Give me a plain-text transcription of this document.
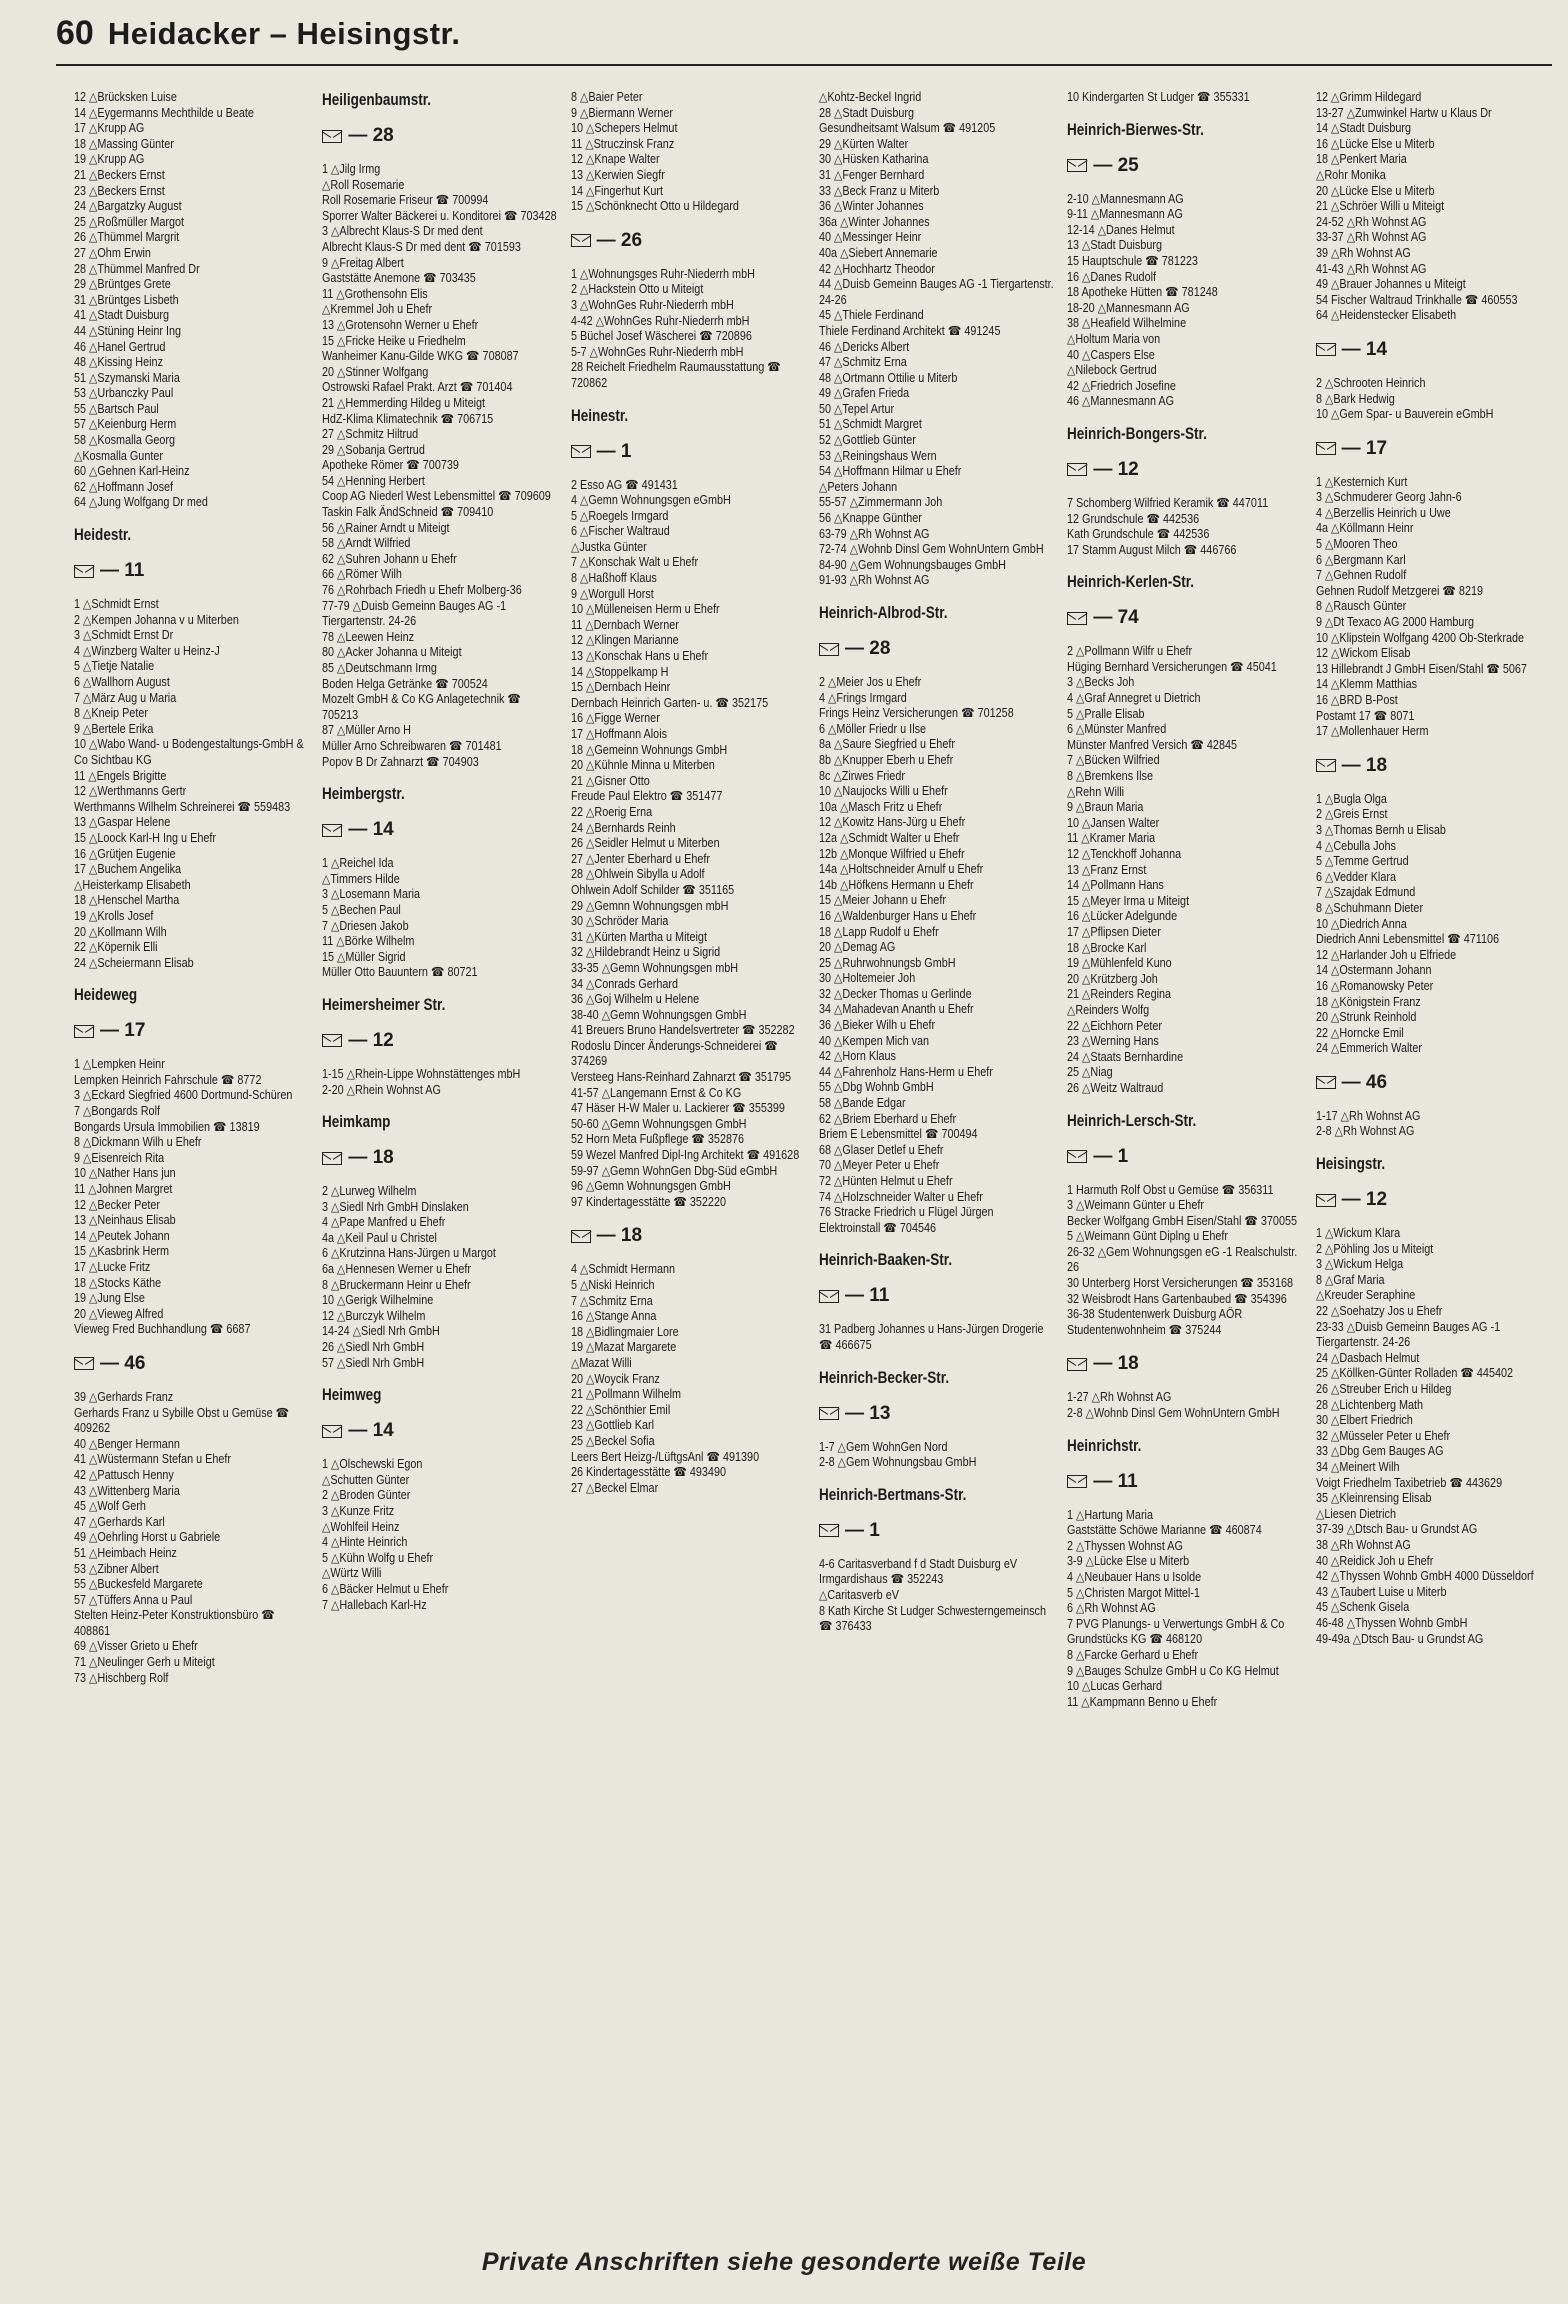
60 Heidacker – Heisingstr.
12 △Brücksken Luise
14 △Eygermanns Mechthilde u Beate
17 △Krupp AG
18 △Massing Günter
19 △Krupp AG
21 △Beckers Ernst
23 △Beckers Ernst
24 △Bargatzky August
25 △Roßmüller Margot
26 △Thümmel Margrit
27 △Ohm Erwin
28 △Thümmel Manfred Dr
29 △Brüntges Grete
31 △Brüntges Lisbeth
41 △Stadt Duisburg
44 △Stüning Heinr Ing
46 △Hanel Gertrud
48 △Kissing Heinz
51 △Szymanski Maria
53 △Urbanczky Paul
55 △Bartsch Paul
57 △Keienburg Herm
58 △Kosmalla Georg
△Kosmalla Gunter
60 △Gehnen Karl-Heinz
62 △Hoffmann Josef
64 △Jung Wolfgang Dr med
Heidestr.
— 11
1 △Schmidt Ernst
2 △Kempen Johanna v u Miterben
3 △Schmidt Ernst Dr
4 △Winzberg Walter u Heinz-J
5 △Tietje Natalie
6 △Wallhorn August
7 △März Aug u Maria
8 △Kneip Peter
9 △Bertele Erika
10 △Wabo Wand- u Bodengestaltungs-GmbH & Co Sichtbau KG
11 △Engels Brigitte
12 △Werthmanns Gertr
Werthmanns Wilhelm Schreinerei ☎ 559483
13 △Gaspar Helene
15 △Loock Karl-H Ing u Ehefr
16 △Grütjen Eugenie
17 △Buchem Angelika
△Heisterkamp Elisabeth
18 △Henschel Martha
19 △Krolls Josef
20 △Kollmann Wilh
22 △Köpernik Elli
24 △Scheiermann Elisab
Heideweg
— 17
1 △Lempken Heinr
Lempken Heinrich Fahrschule ☎ 8772
3 △Eckard Siegfried 4600 Dortmund-Schüren
7 △Bongards Rolf
Bongards Ursula Immobilien ☎ 13819
8 △Dickmann Wilh u Ehefr
9 △Eisenreich Rita
10 △Nather Hans jun
11 △Johnen Margret
12 △Becker Peter
13 △Neinhaus Elisab
14 △Peutek Johann
15 △Kasbrink Herm
17 △Lucke Fritz
18 △Stocks Käthe
19 △Jung Else
20 △Vieweg Alfred
Vieweg Fred Buchhandlung ☎ 6687
— 46
39 △Gerhards Franz
Gerhards Franz u Sybille Obst u Gemüse ☎ 409262
40 △Benger Hermann
41 △Wüstermann Stefan u Ehefr
42 △Pattusch Henny
43 △Wittenberg Maria
45 △Wolf Gerh
47 △Gerhards Karl
49 △Oehrling Horst u Gabriele
51 △Heimbach Heinz
53 △Zibner Albert
55 △Buckesfeld Margarete
57 △Tüffers Anna u Paul
Stelten Heinz-Peter Konstruktionsbüro ☎ 408861
69 △Visser Grieto u Ehefr
71 △Neulinger Gerh u Miteigt
73 △Hischberg Rolf
Heiligenbaumstr.
— 28
1 △Jilg Irmg
△Roll Rosemarie
Roll Rosemarie Friseur ☎ 700994
Sporrer Walter Bäckerei u. Konditorei ☎ 703428
3 △Albrecht Klaus-S Dr med dent
Albrecht Klaus-S Dr med dent ☎ 701593
9 △Freitag Albert
Gaststätte Anemone ☎ 703435
11 △Grothensohn Elis
△Kremmel Joh u Ehefr
13 △Grotensohn Werner u Ehefr
15 △Fricke Heike u Friedhelm
Wanheimer Kanu-Gilde WKG ☎ 708087
20 △Stinner Wolfgang
Ostrowski Rafael Prakt. Arzt ☎ 701404
21 △Hemmerding Hildeg u Miteigt
HdZ-Klima Klimatechnik ☎ 706715
27 △Schmitz Hiltrud
29 △Sobanja Gertrud
Apotheke Römer ☎ 700739
54 △Henning Herbert
Coop AG Niederl West Lebensmittel ☎ 709609
Taskin Falk ÄndSchneid ☎ 709410
56 △Rainer Arndt u Miteigt
58 △Arndt Wilfried
62 △Suhren Johann u Ehefr
66 △Römer Wilh
76 △Rohrbach Friedh u Ehefr Molberg-36
77-79 △Duisb Gemeinn Bauges AG -1 Tiergartenstr. 24-26
78 △Leewen Heinz
80 △Acker Johanna u Miteigt
85 △Deutschmann Irmg
Boden Helga Getränke ☎ 700524
Mozelt GmbH & Co KG Anlagetechnik ☎ 705213
87 △Müller Arno H
Müller Arno Schreibwaren ☎ 701481
Popov B Dr Zahnarzt ☎ 704903
Heimbergstr.
— 14
1 △Reichel Ida
△Timmers Hilde
3 △Losemann Maria
5 △Bechen Paul
7 △Driesen Jakob
11 △Börke Wilhelm
15 △Müller Sigrid
Müller Otto Bauuntern ☎ 80721
Heimersheimer Str.
— 12
1-15 △Rhein-Lippe Wohnstättenges mbH
2-20 △Rhein Wohnst AG
Heimkamp
— 18
2 △Lurweg Wilhelm
3 △Siedl Nrh GmbH Dinslaken
4 △Pape Manfred u Ehefr
4a △Keil Paul u Christel
6 △Krutzinna Hans-Jürgen u Margot
6a △Hennesen Werner u Ehefr
8 △Bruckermann Heinr u Ehefr
10 △Gerigk Wilhelmine
12 △Burczyk Wilhelm
14-24 △Siedl Nrh GmbH
26 △Siedl Nrh GmbH
57 △Siedl Nrh GmbH
Heimweg
— 14
1 △Olschewski Egon
△Schutten Günter
2 △Broden Günter
3 △Kunze Fritz
△Wohlfeil Heinz
4 △Hinte Heinrich
5 △Kühn Wolfg u Ehefr
△Würtz Willi
6 △Bäcker Helmut u Ehefr
7 △Hallebach Karl-Hz
8 △Baier Peter
9 △Biermann Werner
10 △Schepers Helmut
11 △Struczinsk Franz
12 △Knape Walter
13 △Kerwien Siegfr
14 △Fingerhut Kurt
15 △Schönknecht Otto u Hildegard
— 26
1 △Wohnungsges Ruhr-Niederrh mbH
2 △Hackstein Otto u Miteigt
3 △WohnGes Ruhr-Niederrh mbH
4-42 △WohnGes Ruhr-Niederrh mbH
5 Büchel Josef Wäscherei ☎ 720896
5-7 △WohnGes Ruhr-Niederrh mbH
28 Reichelt Friedhelm Raumausstattung ☎ 720862
Heinestr.
— 1
2 Esso AG ☎ 491431
4 △Gemn Wohnungsgen eGmbH
5 △Roegels Irmgard
6 △Fischer Waltraud
△Justka Günter
7 △Konschak Walt u Ehefr
8 △Haßhoff Klaus
9 △Worgull Horst
10 △Mülleneisen Herm u Ehefr
11 △Dernbach Werner
12 △Klingen Marianne
13 △Konschak Hans u Ehefr
14 △Stoppelkamp H
15 △Dernbach Heinr
Dernbach Heinrich Garten- u. ☎ 352175
16 △Figge Werner
17 △Hoffmann Alois
18 △Gemeinn Wohnungs GmbH
20 △Kühnle Minna u Miterben
21 △Gisner Otto
Freude Paul Elektro ☎ 351477
22 △Roerig Erna
24 △Bernhards Reinh
26 △Seidler Helmut u Miterben
27 △Jenter Eberhard u Ehefr
28 △Ohlwein Sibylla u Adolf
Ohlwein Adolf Schilder ☎ 351165
29 △Gemnn Wohnungsgen mbH
30 △Schröder Maria
31 △Kürten Martha u Miteigt
32 △Hildebrandt Heinz u Sigrid
33-35 △Gemn Wohnungsgen mbH
34 △Conrads Gerhard
36 △Goj Wilhelm u Helene
38-40 △Gemn Wohnungsgen GmbH
41 Breuers Bruno Handelsvertreter ☎ 352282
Rodoslu Dincer Änderungs-Schneiderei ☎ 374269
Versteeg Hans-Reinhard Zahnarzt ☎ 351795
41-57 △Langemann Ernst & Co KG
47 Häser H-W Maler u. Lackierer ☎ 355399
50-60 △Gemn Wohnungsgen GmbH
52 Horn Meta Fußpflege ☎ 352876
59 Wezel Manfred Dipl-Ing Architekt ☎ 491628
59-97 △Gemn WohnGen Dbg-Süd eGmbH
96 △Gemn Wohnungsgen GmbH
97 Kindertagesstätte ☎ 352220
— 18
4 △Schmidt Hermann
5 △Niski Heinrich
7 △Schmitz Erna
16 △Stange Anna
18 △Bidlingmaier Lore
19 △Mazat Margarete
△Mazat Willi
20 △Woycik Franz
21 △Pollmann Wilhelm
22 △Schönthier Emil
23 △Gottlieb Karl
25 △Beckel Sofia
Leers Bert Heizg-/LüftgsAnl ☎ 491390
26 Kindertagesstätte ☎ 493490
27 △Beckel Elmar
△Kohtz-Beckel Ingrid
28 △Stadt Duisburg
Gesundheitsamt Walsum ☎ 491205
29 △Kürten Walter
30 △Hüsken Katharina
31 △Fenger Bernhard
33 △Beck Franz u Miterb
36 △Winter Johannes
36a △Winter Johannes
40 △Messinger Heinr
40a △Siebert Annemarie
42 △Hochhartz Theodor
44 △Duisb Gemeinn Bauges AG -1 Tiergartenstr. 24-26
45 △Thiele Ferdinand
Thiele Ferdinand Architekt ☎ 491245
46 △Dericks Albert
47 △Schmitz Erna
48 △Ortmann Ottilie u Miterb
49 △Grafen Frieda
50 △Tepel Artur
51 △Schmidt Margret
52 △Gottlieb Günter
53 △Reiningshaus Wern
54 △Hoffmann Hilmar u Ehefr
△Peters Johann
55-57 △Zimmermann Joh
56 △Knappe Günther
63-79 △Rh Wohnst AG
72-74 △Wohnb Dinsl Gem WohnUntern GmbH
84-90 △Gem Wohnungsbauges GmbH
91-93 △Rh Wohnst AG
Heinrich-Albrod-Str.
— 28
2 △Meier Jos u Ehefr
4 △Frings Irmgard
Frings Heinz Versicherungen ☎ 701258
6 △Möller Friedr u Ilse
8a △Saure Siegfried u Ehefr
8b △Knupper Eberh u Ehefr
8c △Zirwes Friedr
10 △Naujocks Willi u Ehefr
10a △Masch Fritz u Ehefr
12 △Kowitz Hans-Jürg u Ehefr
12a △Schmidt Walter u Ehefr
12b △Monque Wilfried u Ehefr
14a △Holtschneider Arnulf u Ehefr
14b △Höfkens Hermann u Ehefr
15 △Meier Johann u Ehefr
16 △Waldenburger Hans u Ehefr
18 △Lapp Rudolf u Ehefr
20 △Demag AG
25 △Ruhrwohnungsb GmbH
30 △Holtemeier Joh
32 △Decker Thomas u Gerlinde
34 △Mahadevan Ananth u Ehefr
36 △Bieker Wilh u Ehefr
40 △Kempen Mich van
42 △Horn Klaus
44 △Fahrenholz Hans-Herm u Ehefr
55 △Dbg Wohnb GmbH
58 △Bande Edgar
62 △Briem Eberhard u Ehefr
Briem E Lebensmittel ☎ 700494
68 △Glaser Detlef u Ehefr
70 △Meyer Peter u Ehefr
72 △Hünten Helmut u Ehefr
74 △Holzschneider Walter u Ehefr
76 Stracke Friedrich u Flügel Jürgen Elektroinstall ☎ 704546
Heinrich-Baaken-Str.
— 11
31 Padberg Johannes u Hans-Jürgen Drogerie ☎ 466675
Heinrich-Becker-Str.
— 13
1-7 △Gem WohnGen Nord
2-8 △Gem Wohnungsbau GmbH
Heinrich-Bertmans-Str.
— 1
4-6 Caritasverband f d Stadt Duisburg eV Irmgardishaus ☎ 352243
△Caritasverb eV
8 Kath Kirche St Ludger Schwesterngemeinsch ☎ 376433
10 Kindergarten St Ludger ☎ 355331
Heinrich-Bierwes-Str.
— 25
2-10 △Mannesmann AG
9-11 △Mannesmann AG
12-14 △Danes Helmut
13 △Stadt Duisburg
15 Hauptschule ☎ 781223
16 △Danes Rudolf
18 Apotheke Hütten ☎ 781248
18-20 △Mannesmann AG
38 △Heafield Wilhelmine
△Holtum Maria von
40 △Caspers Else
△Nilebock Gertrud
42 △Friedrich Josefine
46 △Mannesmann AG
Heinrich-Bongers-Str.
— 12
7 Schomberg Wilfried Keramik ☎ 447011
12 Grundschule ☎ 442536
Kath Grundschule ☎ 442536
17 Stamm August Milch ☎ 446766
Heinrich-Kerlen-Str.
— 74
2 △Pollmann Wilfr u Ehefr
Hüging Bernhard Versicherungen ☎ 45041
3 △Becks Joh
4 △Graf Annegret u Dietrich
5 △Pralle Elisab
6 △Münster Manfred
Münster Manfred Versich ☎ 42845
7 △Bücken Wilfried
8 △Bremkens Ilse
△Rehn Willi
9 △Braun Maria
10 △Jansen Walter
11 △Kramer Maria
12 △Tenckhoff Johanna
13 △Franz Ernst
14 △Pollmann Hans
15 △Meyer Irma u Miteigt
16 △Lücker Adelgunde
17 △Pflipsen Dieter
18 △Brocke Karl
19 △Mühlenfeld Kuno
20 △Krützberg Joh
21 △Reinders Regina
△Reinders Wolfg
22 △Eichhorn Peter
23 △Werning Hans
24 △Staats Bernhardine
25 △Niag
26 △Weitz Waltraud
Heinrich-Lersch-Str.
— 1
1 Harmuth Rolf Obst u Gemüse ☎ 356311
3 △Weimann Günter u Ehefr
Becker Wolfgang GmbH Eisen/Stahl ☎ 370055
5 △Weimann Günt Diplng u Ehefr
26-32 △Gem Wohnungsgen eG -1 Realschulstr. 26
30 Unterberg Horst Versicherungen ☎ 353168
32 Weisbrodt Hans Gartenbaubed ☎ 354396
36-38 Studentenwerk Duisburg AÖR Studentenwohnheim ☎ 375244
— 18
1-27 △Rh Wohnst AG
2-8 △Wohnb Dinsl Gem WohnUntern GmbH
Heinrichstr.
— 11
1 △Hartung Maria
Gaststätte Schöwe Marianne ☎ 460874
2 △Thyssen Wohnst AG
3-9 △Lücke Else u Miterb
4 △Neubauer Hans u Isolde
5 △Christen Margot Mittel-1
6 △Rh Wohnst AG
7 PVG Planungs- u Verwertungs GmbH & Co Grundstücks KG ☎ 468120
8 △Farcke Gerhard u Ehefr
9 △Bauges Schulze GmbH u Co KG Helmut
10 △Lucas Gerhard
11 △Kampmann Benno u Ehefr
12 △Grimm Hildegard
13-27 △Zumwinkel Hartw u Klaus Dr
14 △Stadt Duisburg
16 △Lücke Else u Miterb
18 △Penkert Maria
△Rohr Monika
20 △Lücke Else u Miterb
21 △Schröer Willi u Miteigt
24-52 △Rh Wohnst AG
33-37 △Rh Wohnst AG
39 △Rh Wohnst AG
41-43 △Rh Wohnst AG
49 △Brauer Johannes u Miteigt
54 Fischer Waltraud Trinkhalle ☎ 460553
64 △Heidenstecker Elisabeth
— 14
2 △Schrooten Heinrich
8 △Bark Hedwig
10 △Gem Spar- u Bauverein eGmbH
— 17
1 △Kesternich Kurt
3 △Schmuderer Georg Jahn-6
4 △Berzellis Heinrich u Uwe
4a △Köllmann Heinr
5 △Mooren Theo
6 △Bergmann Karl
7 △Gehnen Rudolf
Gehnen Rudolf Metzgerei ☎ 8219
8 △Rausch Günter
9 △Dt Texaco AG 2000 Hamburg
10 △Klipstein Wolfgang 4200 Ob-Sterkrade
12 △Wickom Elisab
13 Hillebrandt J GmbH Eisen/Stahl ☎ 5067
14 △Klemm Matthias
16 △BRD B-Post
Postamt 17 ☎ 8071
17 △Mollenhauer Herm
— 18
1 △Bugla Olga
2 △Greis Ernst
3 △Thomas Bernh u Elisab
4 △Cebulla Johs
5 △Temme Gertrud
6 △Vedder Klara
7 △Szajdak Edmund
8 △Schuhmann Dieter
10 △Diedrich Anna
Diedrich Anni Lebensmittel ☎ 471106
12 △Harlander Joh u Elfriede
14 △Ostermann Johann
16 △Romanowsky Peter
18 △Königstein Franz
20 △Strunk Reinhold
22 △Horncke Emil
24 △Emmerich Walter
— 46
1-17 △Rh Wohnst AG
2-8 △Rh Wohnst AG
Heisingstr.
— 12
1 △Wickum Klara
2 △Pöhling Jos u Miteigt
3 △Wickum Helga
8 △Graf Maria
△Kreuder Seraphine
22 △Soehatzy Jos u Ehefr
23-33 △Duisb Gemeinn Bauges AG -1 Tiergartenstr. 24-26
24 △Dasbach Helmut
25 △Köllken-Günter Rolladen ☎ 445402
26 △Streuber Erich u Hildeg
28 △Lichtenberg Math
30 △Elbert Friedrich
32 △Müsseler Peter u Ehefr
33 △Dbg Gem Bauges AG
34 △Meinert Wilh
Voigt Friedhelm Taxibetrieb ☎ 443629
35 △Kleinrensing Elisab
△Liesen Dietrich
37-39 △Dtsch Bau- u Grundst AG
38 △Rh Wohnst AG
40 △Reidick Joh u Ehefr
42 △Thyssen Wohnb GmbH 4000 Düsseldorf
43 △Taubert Luise u Miterb
45 △Schenk Gisela
46-48 △Thyssen Wohnb GmbH
49-49a △Dtsch Bau- u Grundst AG
Private Anschriften siehe gesonderte weiße Teile
